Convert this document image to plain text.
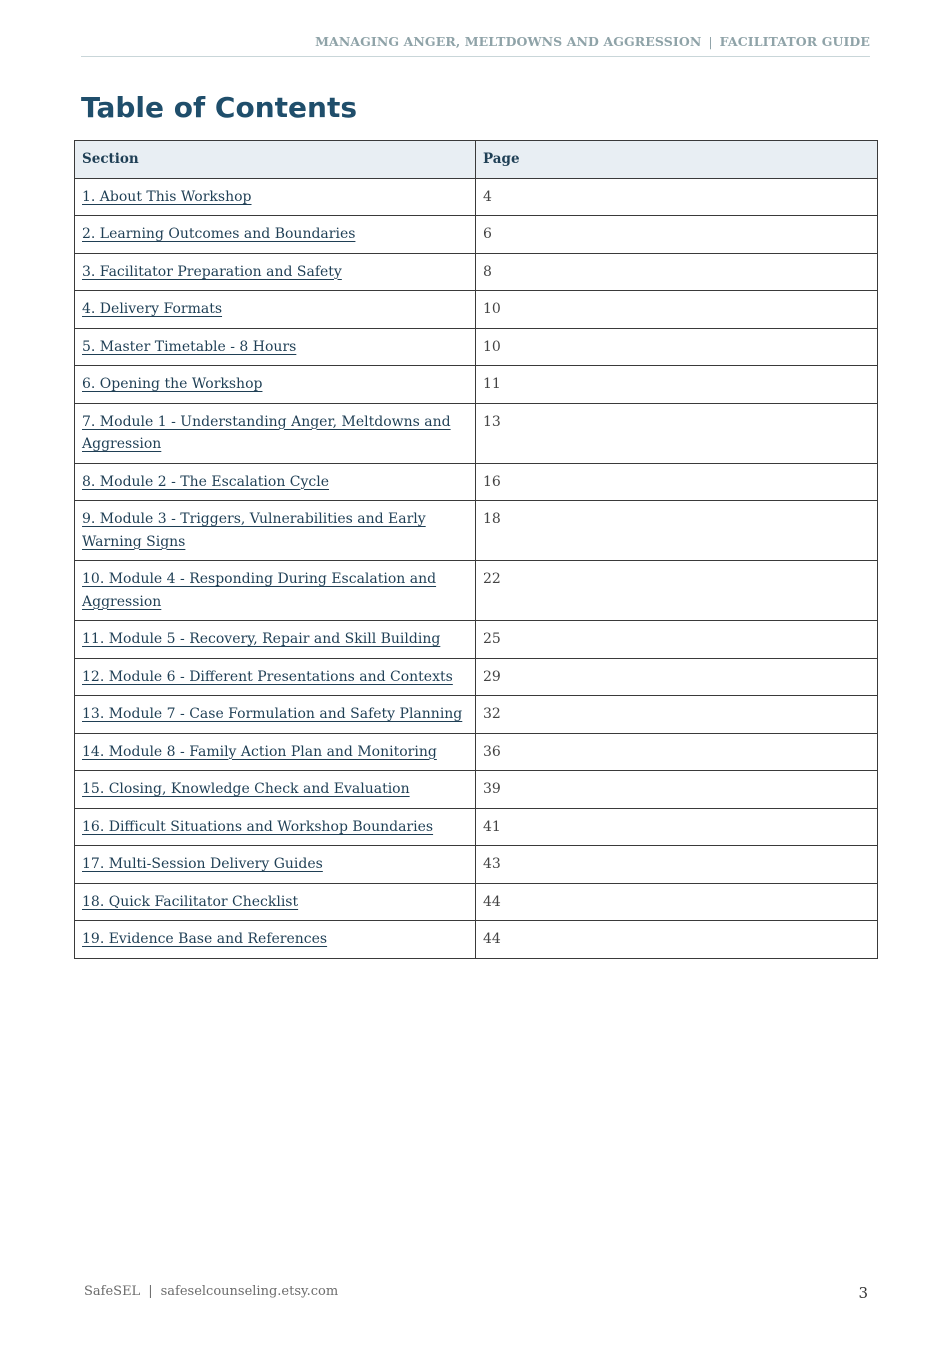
MANAGING ANGER, MELTDOWNS AND AGGRESSION | FACILITATOR GUIDE
Table of Contents
Section	Page
1. About This Workshop	4
2. Learning Outcomes and Boundaries	6
3. Facilitator Preparation and Safety	8
4. Delivery Formats	10
5. Master Timetable - 8 Hours	10
6. Opening the Workshop	11
7. Module 1 - Understanding Anger, Meltdowns and Aggression	13
8. Module 2 - The Escalation Cycle	16
9. Module 3 - Triggers, Vulnerabilities and Early Warning Signs	18
10. Module 4 - Responding During Escalation and Aggression	22
11. Module 5 - Recovery, Repair and Skill Building	25
12. Module 6 - Different Presentations and Contexts	29
13. Module 7 - Case Formulation and Safety Planning	32
14. Module 8 - Family Action Plan and Monitoring	36
15. Closing, Knowledge Check and Evaluation	39
16. Difficult Situations and Workshop Boundaries	41
17. Multi-Session Delivery Guides	43
18. Quick Facilitator Checklist	44
19. Evidence Base and References	44
SafeSEL | safeselcounseling.etsy.com	3
